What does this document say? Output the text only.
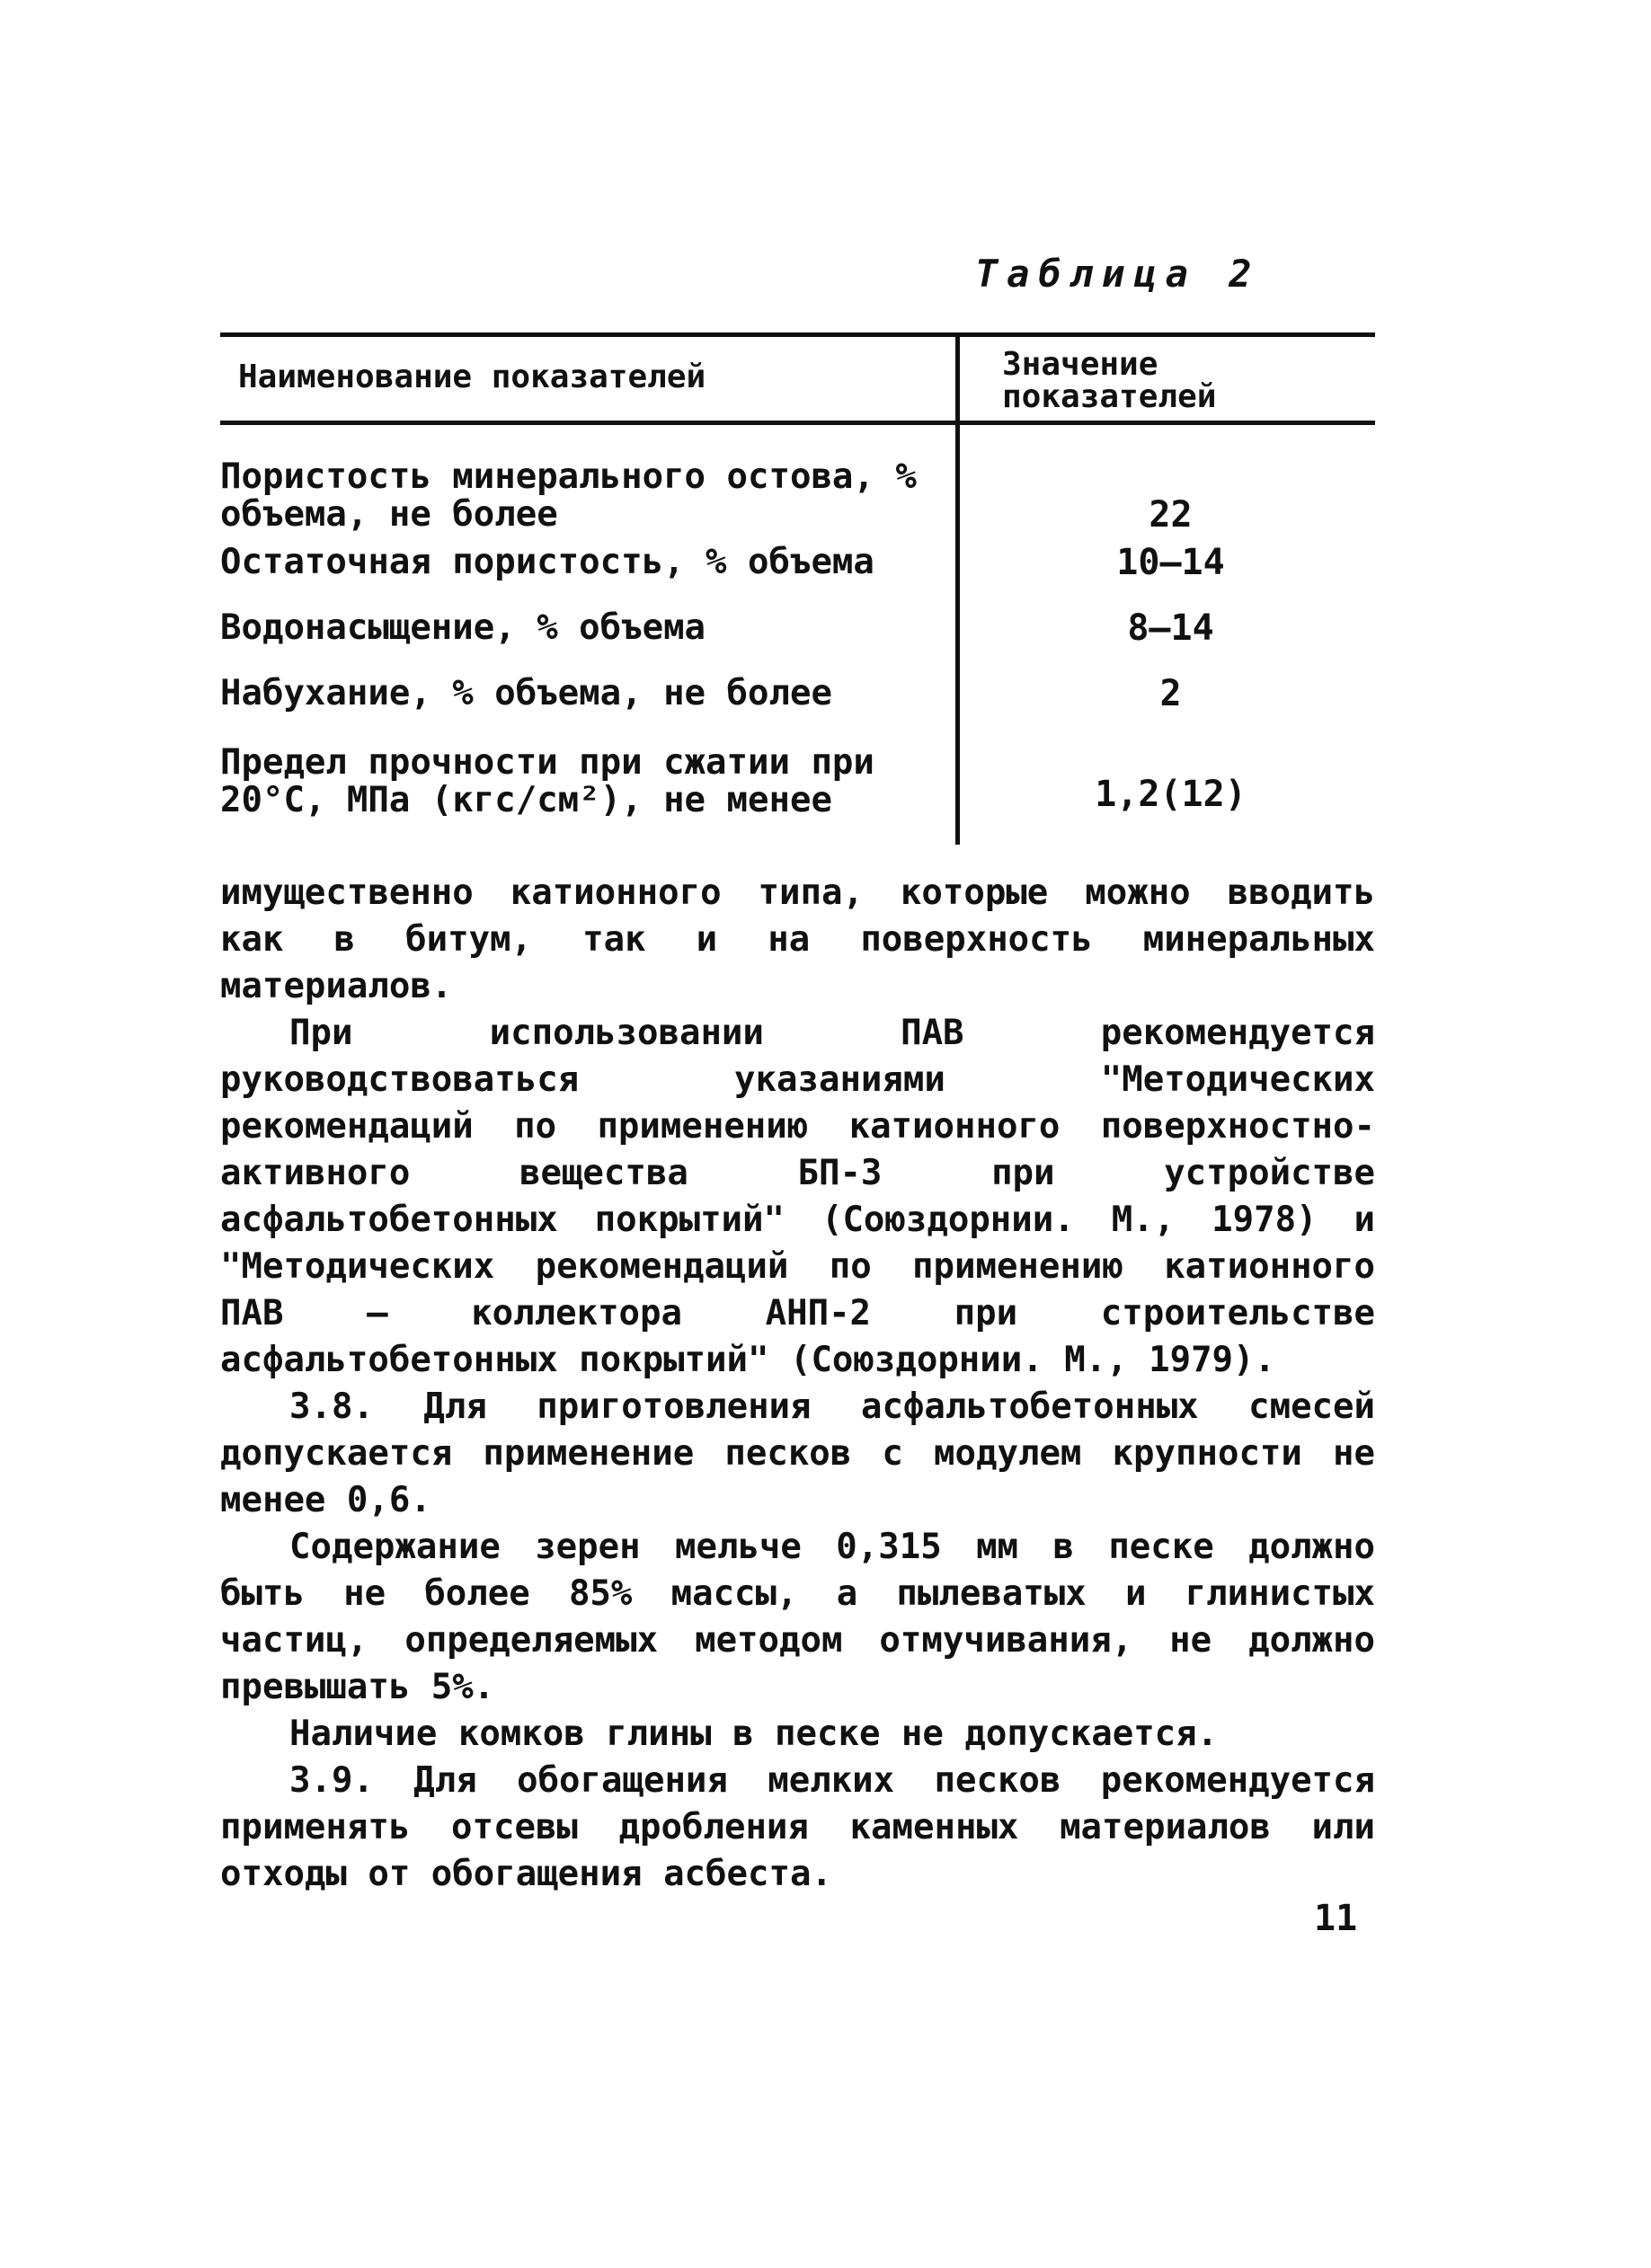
Таблица 2
Наименование показателей	Значение показателей
Пористость минерального остова, % объема, не более	22
Остаточная пористость, % объема	10–14
Водонасыщение, % объема	8–14
Набухание, % объема, не более	2
Предел прочности при сжатии при 20°С, МПа (кгс/см²), не менее	1,2(12)

имущественно катионного типа, которые можно вводить как в битум, так и на поверхность минеральных материалов.

При использовании ПАВ рекомендуется руководствоваться указаниями "Методических рекомендаций по применению катионного поверхностно-активного вещества БП-3 при устройстве асфальтобетонных покрытий" (Союздорнии. М., 1978) и "Методических рекомендаций по применению катионного ПАВ – коллектора АНП-2 при строительстве асфальтобетонных покрытий" (Союздорнии. М., 1979).

3.8. Для приготовления асфальтобетонных смесей допускается применение песков с модулем крупности не менее 0,6.

Содержание зерен мельче 0,315 мм в песке должно быть не более 85% массы, а пылеватых и глинистых частиц, определяемых методом отмучивания, не должно превышать 5%.

Наличие комков глины в песке не допускается.

3.9. Для обогащения мелких песков рекомендуется применять отсевы дробления каменных материалов или отходы от обогащения асбеста.

11
